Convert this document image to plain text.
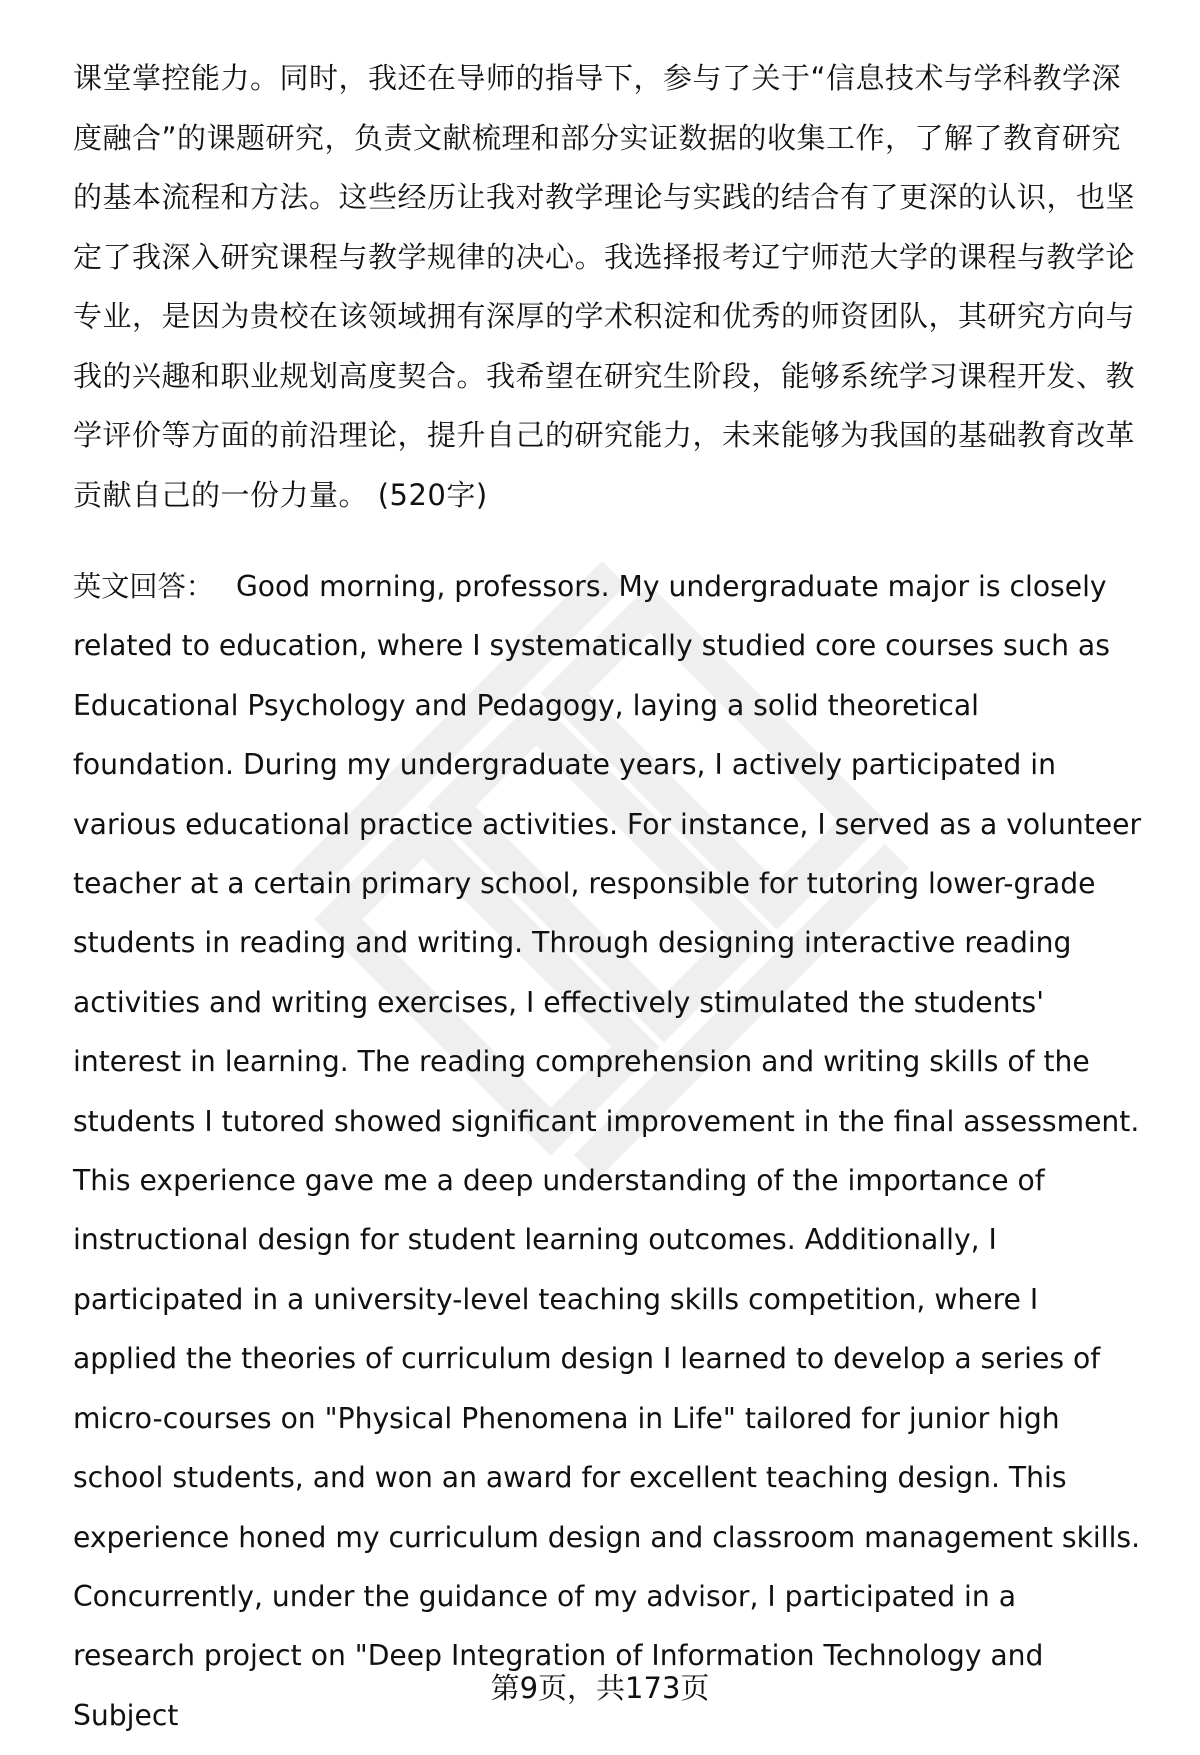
课堂掌控能力。同时，我还在导师的指导下，参与了关于“信息技术与学科教学深度融合”的课题研究，负责文献梳理和部分实证数据的收集工作，了解了教育研究的基本流程和方法。这些经历让我对教学理论与实践的结合有了更深的认识，也坚定了我深入研究课程与教学规律的决心。我选择报考辽宁师范大学的课程与教学论专业，是因为贵校在该领域拥有深厚的学术积淀和优秀的师资团队，其研究方向与我的兴趣和职业规划高度契合。我希望在研究生阶段，能够系统学习课程开发、教学评价等方面的前沿理论，提升自己的研究能力，未来能够为我国的基础教育改革贡献自己的一份力量。 (520字)

英文回答： Good morning, professors. My undergraduate major is closely related to education, where I systematically studied core courses such as Educational Psychology and Pedagogy, laying a solid theoretical foundation. During my undergraduate years, I actively participated in various educational practice activities. For instance, I served as a volunteer teacher at a certain primary school, responsible for tutoring lower-grade students in reading and writing. Through designing interactive reading activities and writing exercises, I effectively stimulated the students' interest in learning. The reading comprehension and writing skills of the students I tutored showed significant improvement in the final assessment. This experience gave me a deep understanding of the importance of instructional design for student learning outcomes. Additionally, I participated in a university-level teaching skills competition, where I applied the theories of curriculum design I learned to develop a series of micro-courses on "Physical Phenomena in Life" tailored for junior high school students, and won an award for excellent teaching design. This experience honed my curriculum design and classroom management skills. Concurrently, under the guidance of my advisor, I participated in a research project on "Deep Integration of Information Technology and Subject

第9页，共173页
